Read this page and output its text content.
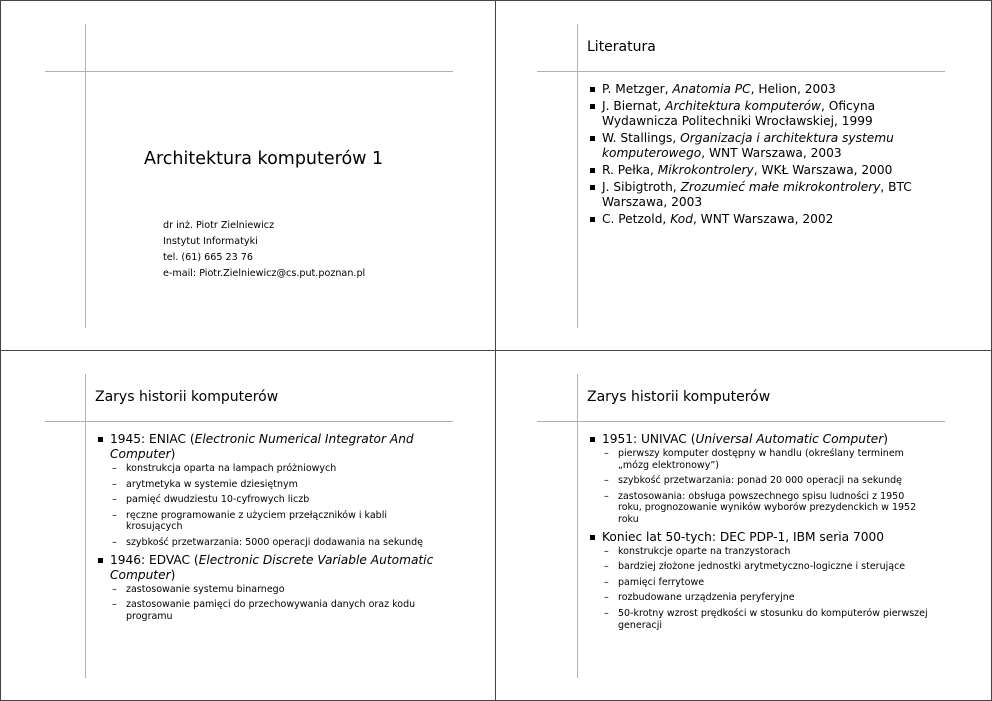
Architektura komputerów 1
dr inż. Piotr Zielniewicz
Instytut Informatyki
tel. (61) 665 23 76
e-mail: Piotr.Zielniewicz@cs.put.poznan.pl
Literatura
P. Metzger, Anatomia PC, Helion, 2003
J. Biernat, Architektura komputerów, Oficyna Wydawnicza Politechniki Wrocławskiej, 1999
W. Stallings, Organizacja i architektura systemu komputerowego, WNT Warszawa, 2003
R. Pełka, Mikrokontrolery, WKŁ Warszawa, 2000
J. Sibigtroth, Zrozumieć małe mikrokontrolery, BTC Warszawa, 2003
C. Petzold, Kod, WNT Warszawa, 2002
Zarys historii komputerów
1945: ENIAC (Electronic Numerical Integrator And Computer)
– konstrukcja oparta na lampach próżniowych
– arytmetyka w systemie dziesiętnym
– pamięć dwudziestu 10-cyfrowych liczb
– ręczne programowanie z użyciem przełączników i kabli krosujących
– szybkość przetwarzania: 5000 operacji dodawania na sekundę
1946: EDVAC (Electronic Discrete Variable Automatic Computer)
– zastosowanie systemu binarnego
– zastosowanie pamięci do przechowywania danych oraz kodu programu
Zarys historii komputerów
1951: UNIVAC (Universal Automatic Computer)
– pierwszy komputer dostępny w handlu (określany terminem „mózg elektronowy”)
– szybkość przetwarzania: ponad 20 000 operacji na sekundę
– zastosowania: obsługa powszechnego spisu ludności z 1950 roku, prognozowanie wyników wyborów prezydenckich w 1952 roku
Koniec lat 50-tych: DEC PDP-1, IBM seria 7000
– konstrukcje oparte na tranzystorach
– bardziej złożone jednostki arytmetyczno-logiczne i sterujące
– pamięci ferrytowe
– rozbudowane urządzenia peryferyjne
– 50-krotny wzrost prędkości w stosunku do komputerów pierwszej generacji
